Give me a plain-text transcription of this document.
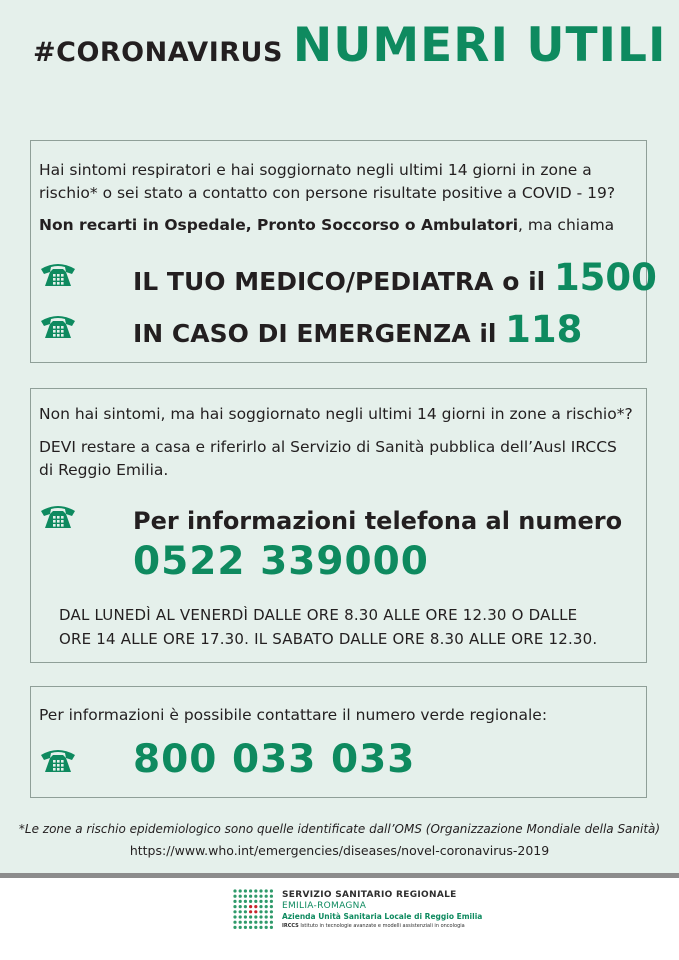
#CORONAVIRUS NUMERI UTILI
Hai sintomi respiratori e hai soggiornato negli ultimi 14 giorni in zone a
rischio* o sei stato a contatto con persone risultate positive a COVID - 19?
Non recarti in Ospedale, Pronto Soccorso o Ambulatori, ma chiama
IL TUO MEDICO/PEDIATRA o il 1500
IN CASO DI EMERGENZA il 118
Non hai sintomi, ma hai soggiornato negli ultimi 14 giorni in zone a rischio*?
DEVI restare a casa e riferirlo al Servizio di Sanità pubblica dell’Ausl IRCCS
di Reggio Emilia.
Per informazioni telefona al numero
0522 339000
DAL LUNEDÌ AL VENERDÌ DALLE ORE 8.30 ALLE ORE 12.30 O DALLE
ORE 14 ALLE ORE 17.30. IL SABATO DALLE ORE 8.30 ALLE ORE 12.30.
Per informazioni è possibile contattare il numero verde regionale:
800 033 033
*Le zone a rischio epidemiologico sono quelle identificate dall’OMS (Organizzazione Mondiale della Sanità)
https://www.who.int/emergencies/diseases/novel-coronavirus-2019
SERVIZIO SANITARIO REGIONALE
EMILIA-ROMAGNA
Azienda Unità Sanitaria Locale di Reggio Emilia
IRCCS Istituto in tecnologie avanzate e modelli assistenziali in oncologia
